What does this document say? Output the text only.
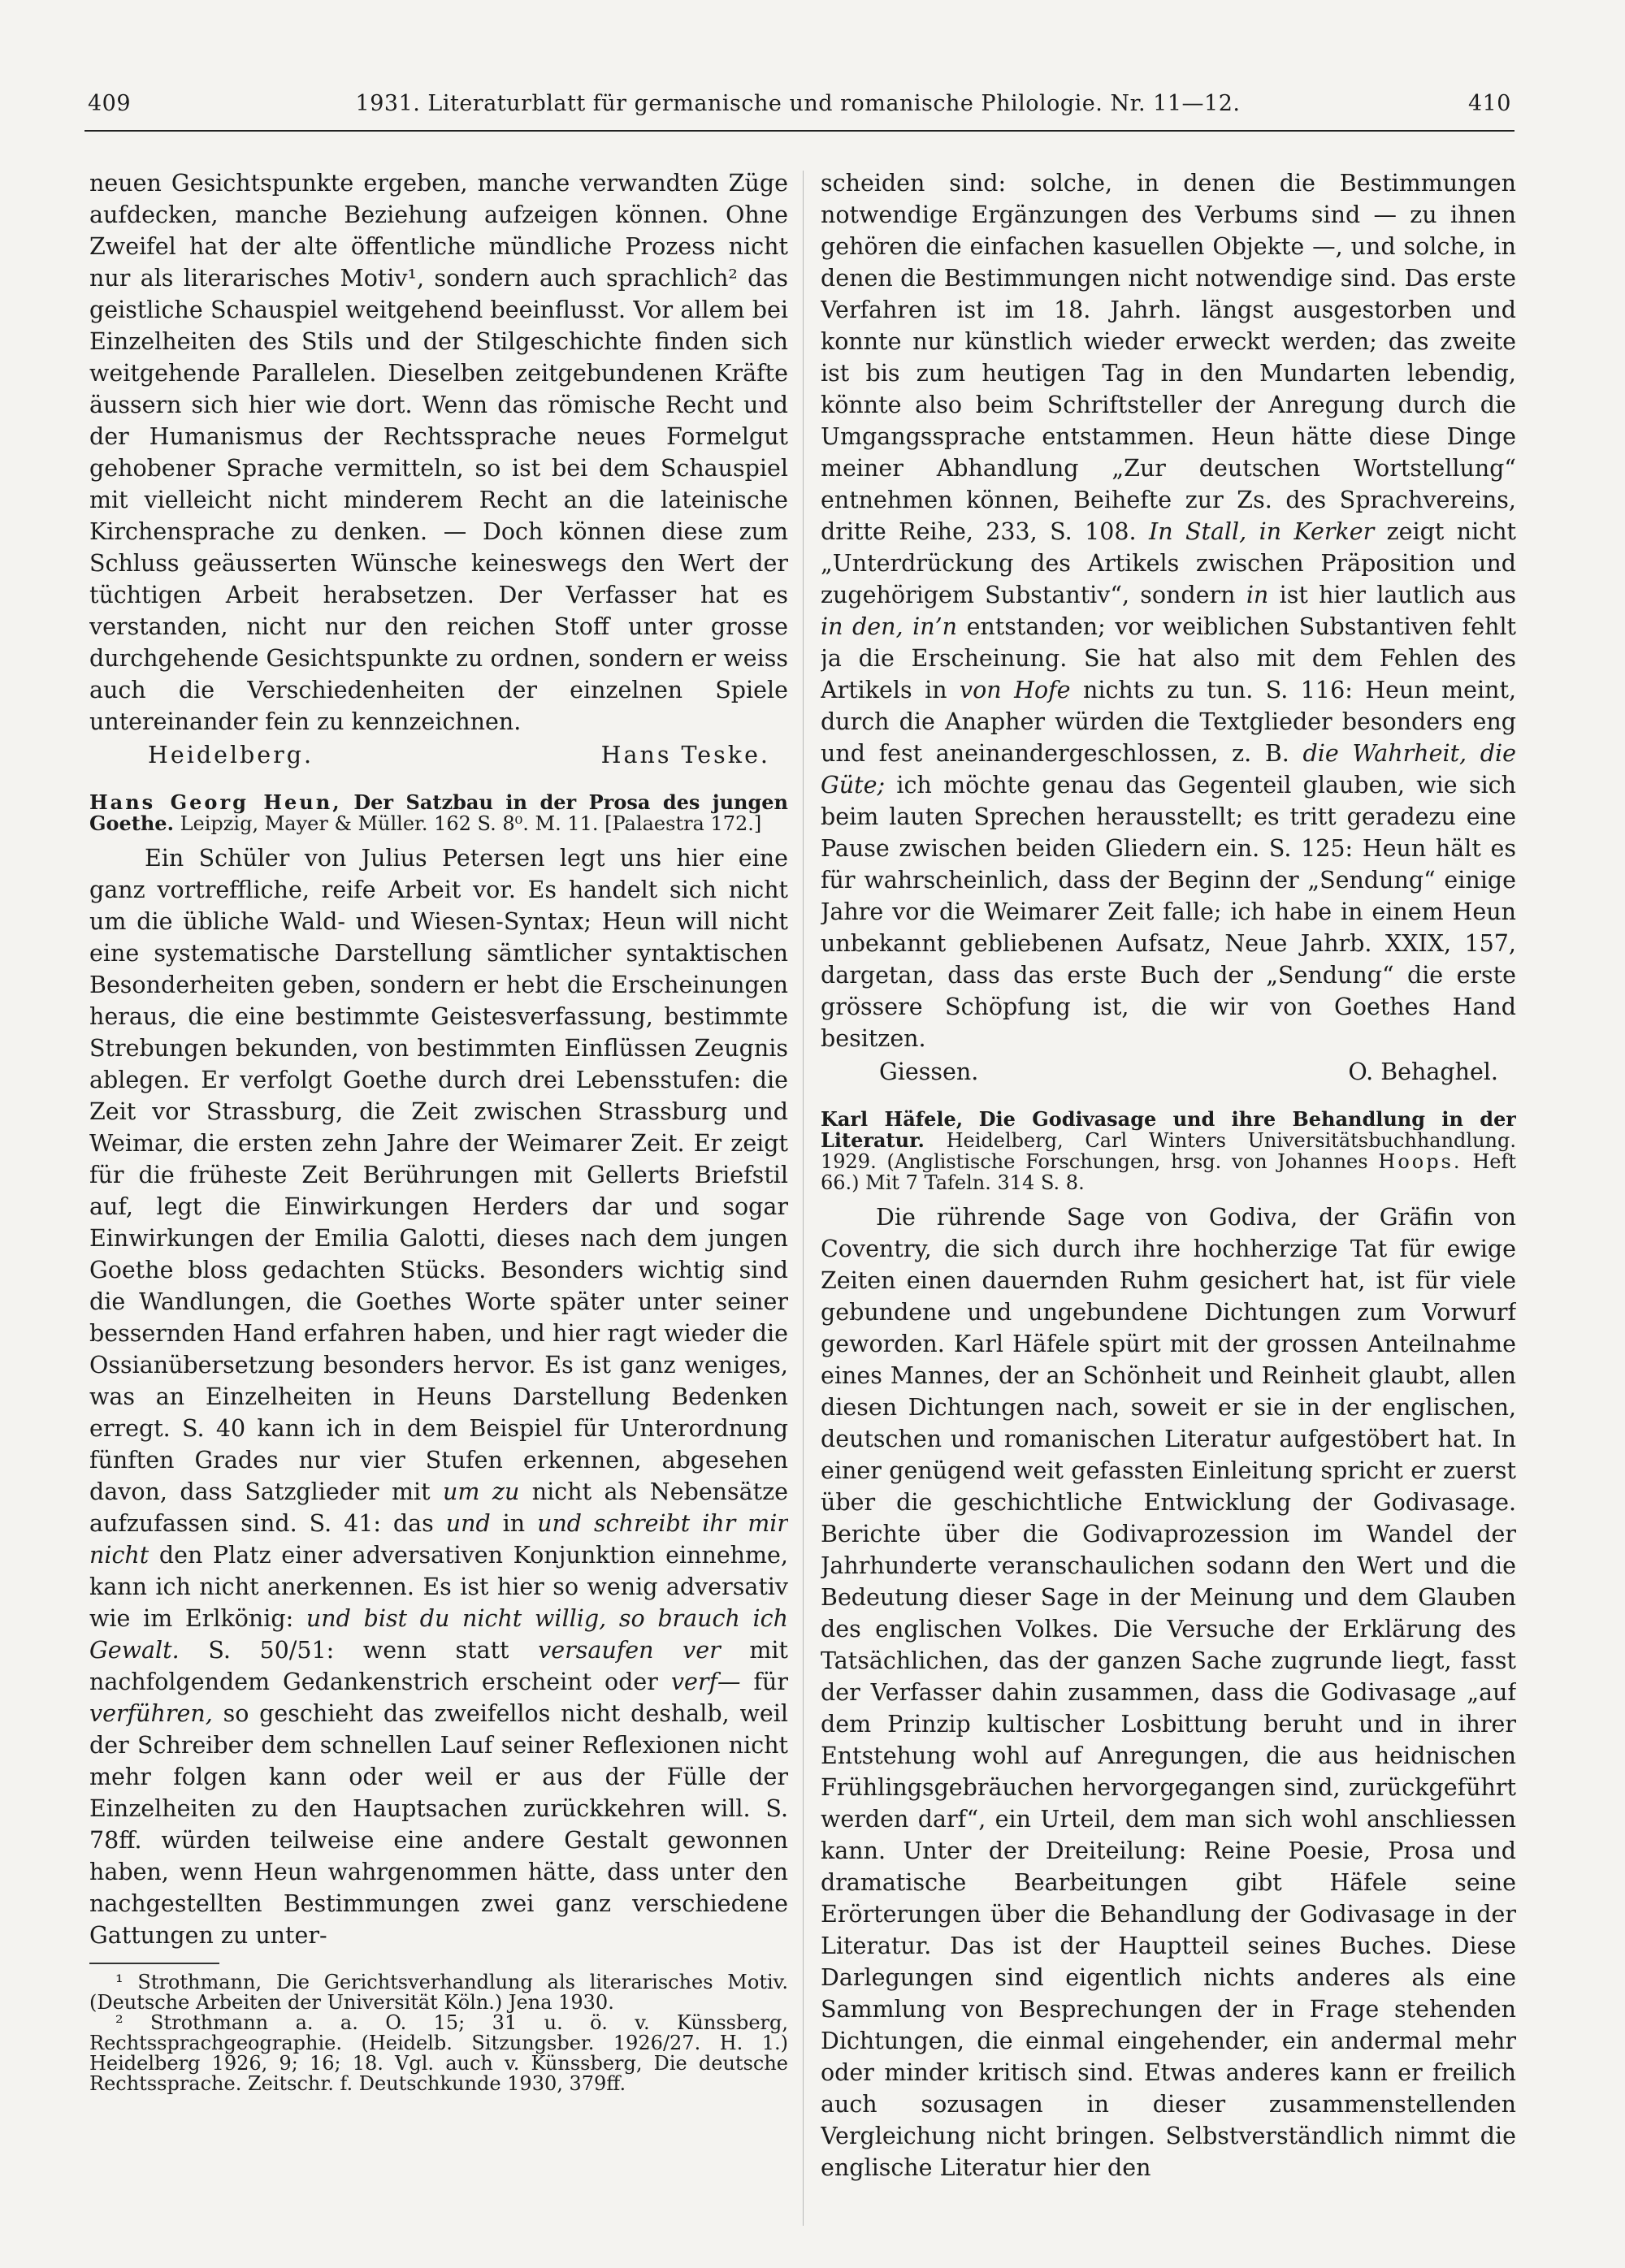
409	1931. Literaturblatt für germanische und romanische Philologie. Nr. 11—12.	410

neuen Gesichtspunkte ergeben, manche verwandten Züge aufdecken, manche Beziehung aufzeigen können. Ohne Zweifel hat der alte öffentliche mündliche Prozess nicht nur als literarisches Motiv¹, sondern auch sprachlich² das geistliche Schauspiel weitgehend beeinflusst. Vor allem bei Einzelheiten des Stils und der Stilgeschichte finden sich weitgehende Parallelen. Dieselben zeitgebundenen Kräfte äussern sich hier wie dort. Wenn das römische Recht und der Humanismus der Rechtssprache neues Formelgut gehobener Sprache vermitteln, so ist bei dem Schauspiel mit vielleicht nicht minderem Recht an die lateinische Kirchensprache zu denken. — Doch können diese zum Schluss geäusserten Wünsche keineswegs den Wert der tüchtigen Arbeit herabsetzen. Der Verfasser hat es verstanden, nicht nur den reichen Stoff unter grosse durchgehende Gesichtspunkte zu ordnen, sondern er weiss auch die Verschiedenheiten der einzelnen Spiele untereinander fein zu kennzeichnen.

Heidelberg.	Hans Teske.
Hans Georg Heun, Der Satzbau in der Prosa des jungen Goethe. Leipzig, Mayer & Müller. 162 S. 8⁰. M. 11. [Palaestra 172.]

Ein Schüler von Julius Petersen legt uns hier eine ganz vortreffliche, reife Arbeit vor. Es handelt sich nicht um die übliche Wald- und Wiesen-Syntax; Heun will nicht eine systematische Darstellung sämtlicher syntaktischen Besonderheiten geben, sondern er hebt die Erscheinungen heraus, die eine bestimmte Geistesverfassung, bestimmte Strebungen bekunden, von bestimmten Einflüssen Zeugnis ablegen. Er verfolgt Goethe durch drei Lebensstufen: die Zeit vor Strassburg, die Zeit zwischen Strassburg und Weimar, die ersten zehn Jahre der Weimarer Zeit. Er zeigt für die früheste Zeit Berührungen mit Gellerts Briefstil auf, legt die Einwirkungen Herders dar und sogar Einwirkungen der Emilia Galotti, dieses nach dem jungen Goethe bloss gedachten Stücks. Besonders wichtig sind die Wandlungen, die Goethes Worte später unter seiner bessernden Hand erfahren haben, und hier ragt wieder die Ossianübersetzung besonders hervor. Es ist ganz weniges, was an Einzelheiten in Heuns Darstellung Bedenken erregt. S. 40 kann ich in dem Beispiel für Unterordnung fünften Grades nur vier Stufen erkennen, abgesehen davon, dass Satzglieder mit um zu nicht als Nebensätze aufzufassen sind. S. 41: das und in und schreibt ihr mir nicht den Platz einer adversativen Konjunktion einnehme, kann ich nicht anerkennen. Es ist hier so wenig adversativ wie im Erlkönig: und bist du nicht willig, so brauch ich Gewalt. S. 50/51: wenn statt versaufen ver mit nachfolgendem Gedankenstrich erscheint oder verf— für verführen, so geschieht das zweifellos nicht deshalb, weil der Schreiber dem schnellen Lauf seiner Reflexionen nicht mehr folgen kann oder weil er aus der Fülle der Einzelheiten zu den Hauptsachen zurückkehren will. S. 78ff. würden teilweise eine andere Gestalt gewonnen haben, wenn Heun wahrgenommen hätte, dass unter den nachgestellten Bestimmungen zwei ganz verschiedene Gattungen zu unter-

¹ Strothmann, Die Gerichtsverhandlung als literarisches Motiv. (Deutsche Arbeiten der Universität Köln.) Jena 1930.

² Strothmann a. a. O. 15; 31 u. ö. v. Künssberg, Rechtssprachgeographie. (Heidelb. Sitzungsber. 1926/27. H. 1.) Heidelberg 1926, 9; 16; 18. Vgl. auch v. Künssberg, Die deutsche Rechtssprache. Zeitschr. f. Deutschkunde 1930, 379ff.

scheiden sind: solche, in denen die Bestimmungen notwendige Ergänzungen des Verbums sind — zu ihnen gehören die einfachen kasuellen Objekte —, und solche, in denen die Bestimmungen nicht notwendige sind. Das erste Verfahren ist im 18. Jahrh. längst ausgestorben und konnte nur künstlich wieder erweckt werden; das zweite ist bis zum heutigen Tag in den Mundarten lebendig, könnte also beim Schriftsteller der Anregung durch die Umgangssprache entstammen. Heun hätte diese Dinge meiner Abhandlung „Zur deutschen Wortstellung“ entnehmen können, Beihefte zur Zs. des Sprachvereins, dritte Reihe, 233, S. 108. In Stall, in Kerker zeigt nicht „Unterdrückung des Artikels zwischen Präposition und zugehörigem Substantiv“, sondern in ist hier lautlich aus in den, in’n entstanden; vor weiblichen Substantiven fehlt ja die Erscheinung. Sie hat also mit dem Fehlen des Artikels in von Hofe nichts zu tun. S. 116: Heun meint, durch die Anapher würden die Textglieder besonders eng und fest aneinandergeschlossen, z. B. die Wahrheit, die Güte; ich möchte genau das Gegenteil glauben, wie sich beim lauten Sprechen herausstellt; es tritt geradezu eine Pause zwischen beiden Gliedern ein. S. 125: Heun hält es für wahrscheinlich, dass der Beginn der „Sendung“ einige Jahre vor die Weimarer Zeit falle; ich habe in einem Heun unbekannt gebliebenen Aufsatz, Neue Jahrb. XXIX, 157, dargetan, dass das erste Buch der „Sendung“ die erste grössere Schöpfung ist, die wir von Goethes Hand besitzen.

Giessen.	O. Behaghel.
Karl Häfele, Die Godivasage und ihre Behandlung in der Literatur. Heidelberg, Carl Winters Universitätsbuchhandlung. 1929. (Anglistische Forschungen, hrsg. von Johannes Hoops. Heft 66.) Mit 7 Tafeln. 314 S. 8.

Die rührende Sage von Godiva, der Gräfin von Coventry, die sich durch ihre hochherzige Tat für ewige Zeiten einen dauernden Ruhm gesichert hat, ist für viele gebundene und ungebundene Dichtungen zum Vorwurf geworden. Karl Häfele spürt mit der grossen Anteilnahme eines Mannes, der an Schönheit und Reinheit glaubt, allen diesen Dichtungen nach, soweit er sie in der englischen, deutschen und romanischen Literatur aufgestöbert hat. In einer genügend weit gefassten Einleitung spricht er zuerst über die geschichtliche Entwicklung der Godivasage. Berichte über die Godivaprozession im Wandel der Jahrhunderte veranschaulichen sodann den Wert und die Bedeutung dieser Sage in der Meinung und dem Glauben des englischen Volkes. Die Versuche der Erklärung des Tatsächlichen, das der ganzen Sache zugrunde liegt, fasst der Verfasser dahin zusammen, dass die Godivasage „auf dem Prinzip kultischer Losbittung beruht und in ihrer Entstehung wohl auf Anregungen, die aus heidnischen Frühlingsgebräuchen hervorgegangen sind, zurückgeführt werden darf“, ein Urteil, dem man sich wohl anschliessen kann. Unter der Dreiteilung: Reine Poesie, Prosa und dramatische Bearbeitungen gibt Häfele seine Erörterungen über die Behandlung der Godivasage in der Literatur. Das ist der Hauptteil seines Buches. Diese Darlegungen sind eigentlich nichts anderes als eine Sammlung von Besprechungen der in Frage stehenden Dichtungen, die einmal eingehender, ein andermal mehr oder minder kritisch sind. Etwas anderes kann er freilich auch sozusagen in dieser zusammenstellenden Vergleichung nicht bringen. Selbstverständlich nimmt die englische Literatur hier den
